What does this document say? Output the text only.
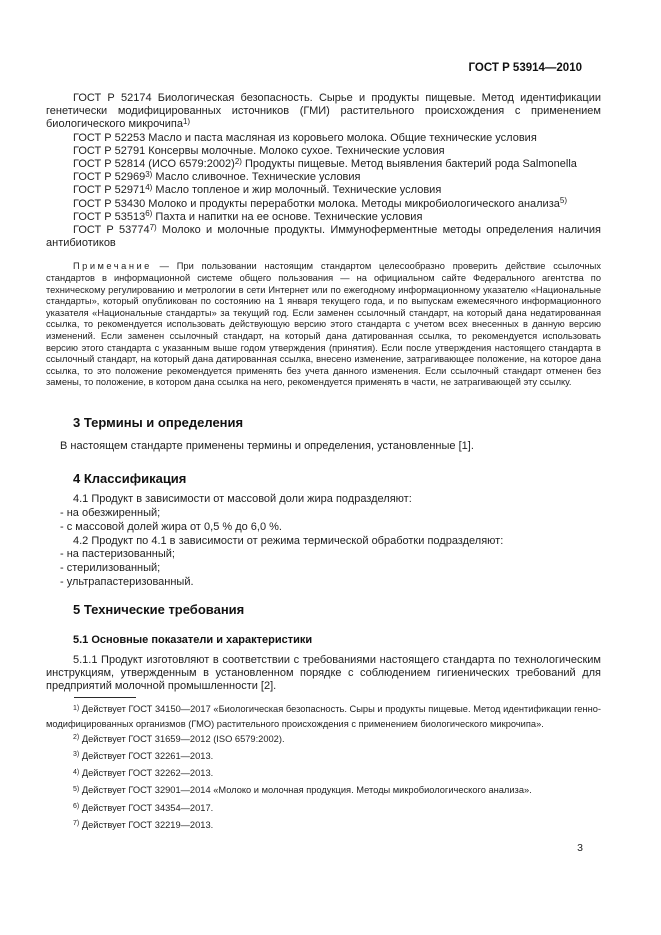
ГОСТ Р 53914—2010

ГОСТ Р 52174 Биологическая безопасность. Сырье и продукты пищевые. Метод идентификации генетически модифицированных источников (ГМИ) растительного происхождения с применением биологического микрочипа$^{1)}$

ГОСТ Р 52253 Масло и паста масляная из коровьего молока. Общие технические условия

ГОСТ Р 52791 Консервы молочные. Молоко сухое. Технические условия

ГОСТ Р 52814 (ИСО 6579:2002)$^{2)}$ Продукты пищевые. Метод выявления бактерий рода Salmonella

ГОСТ Р 52969$^{3)}$ Масло сливочное. Технические условия

ГОСТ Р 52971$^{4)}$ Масло топленое и жир молочный. Технические условия

ГОСТ Р 53430 Молоко и продукты переработки молока. Методы микробиологического анализа$^{5)}$

ГОСТ Р 53513$^{6)}$ Пахта и напитки на ее основе. Технические условия

ГОСТ Р 53774$^{7)}$ Молоко и молочные продукты. Иммуноферментные методы определения наличия антибиотиков

Примечание — При пользовании настоящим стандартом целесообразно проверить действие ссылочных стандартов в информационной системе общего пользования — на официальном сайте Федерального агентства по техническому регулированию и метрологии в сети Интернет или по ежегодному информационному указателю «Национальные стандарты», который опубликован по состоянию на 1 января текущего года, и по выпускам ежемесячного информационного указателя «Национальные стандарты» за текущий год. Если заменен ссылочный стандарт, на который дана недатированная ссылка, то рекомендуется использовать действующую версию этого стандарта с учетом всех внесенных в данную версию изменений. Если заменен ссылочный стандарт, на который дана датированная ссылка, то рекомендуется использовать версию этого стандарта с указанным выше годом утверждения (принятия). Если после утверждения настоящего стандарта в ссылочный стандарт, на который дана датированная ссылка, внесено изменение, затрагивающее положение, на которое дана ссылка, то это положение рекомендуется применять без учета данного изменения. Если ссылочный стандарт отменен без замены, то положение, в котором дана ссылка на него, рекомендуется применять в части, не затрагивающей эту ссылку.

3 Термины и определения

В настоящем стандарте применены термины и определения, установленные [1].

4 Классификация

4.1 Продукт в зависимости от массовой доли жира подразделяют:

- на обезжиренный;

- с массовой долей жира от 0,5 % до 6,0 %.

4.2 Продукт по 4.1 в зависимости от режима термической обработки подразделяют:

- на пастеризованный;

- стерилизованный;

- ультрапастеризованный.

5 Технические требования

5.1 Основные показатели и характеристики

5.1.1 Продукт изготовляют в соответствии с требованиями настоящего стандарта по технологическим инструкциям, утвержденным в установленном порядке с соблюдением гигиенических требований для предприятий молочной промышленности [2].

$^{1)}$ Действует ГОСТ 34150—2017 «Биологическая безопасность. Сыры и продукты пищевые. Метод идентификации генно-модифицированных организмов (ГМО) растительного происхождения с применением биологического микрочипа».

$^{2)}$ Действует ГОСТ 31659—2012 (ISO 6579:2002).

$^{3)}$ Действует ГОСТ 32261—2013.

$^{4)}$ Действует ГОСТ 32262—2013.

$^{5)}$ Действует ГОСТ 32901—2014 «Молоко и молочная продукция. Методы микробиологического анализа».

$^{6)}$ Действует ГОСТ 34354—2017.

$^{7)}$ Действует ГОСТ 32219—2013.

3
